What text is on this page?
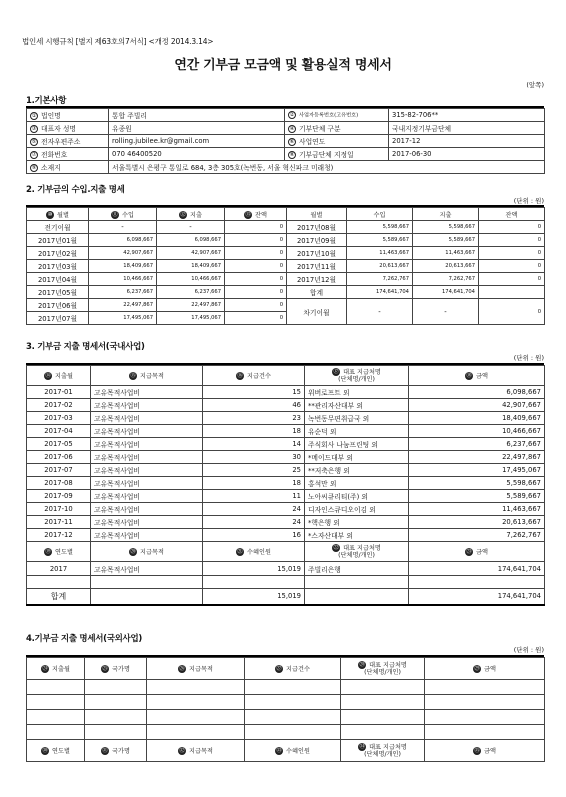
법인세 시행규칙 [별지 제63호의7서식] <개정 2014.3.14>
연간 기부금 모금액 및 활용실적 명세서
(앞쪽)
1.기본사항
① 법인명	통합 주빌리	② 사업자등록번호(고유번호)	315-82-706**
③ 대표자 성명	유종원	④ 기부단체 구분	국내지정기부금단체
⑤ 전자우편주소	rolling.jubilee.kr@gmail.com	⑥ 사업연도	2017-12
⑦ 전화번호	070 46400520	⑧ 기부금단체 지정일	2017-06-30
⑨ 소재지	서울특별시 은평구 통일로 684, 3층 305호(녹번동, 서울 혁신파크 미래청)		
2. 기부금의 수입.지출 명세
(단위 : 원)
⑩ 월별	⑪ 수입	⑫ 지출	⑬ 잔액	월별	수입	지출	잔액
전기이월	-	-	0	2017년08월	5,598,667	5,598,667	0
2017년01월	6,098,667	6,098,667	0	2017년09월	5,589,667	5,589,667	0
2017년02월	42,907,667	42,907,667	0	2017년10월	11,463,667	11,463,667	0
2017년03월	18,409,667	18,409,667	0	2017년11월	20,613,667	20,613,667	0
2017년04월	10,466,667	10,466,667	0	2017년12월	7,262,767	7,262,767	0
2017년05월	6,237,667	6,237,667	0	합계	174,641,704	174,641,704	
2017년06월	22,497,867	22,497,867	0	차기이월	-	-	0
2017년07월	17,495,067	17,495,067	0				
3. 기부금 지출 명세서(국내사업)
(단위 : 원)
⑭ 지출월	⑮ 지급목적	⑯ 지급건수	⑰ 대표 지급처명
(단체명/개인)	⑱ 금액
2017-01	고유목적사업비	15	위버로프트 외	6,098,667
2017-02	고유목적사업비	46	**관리자산대부 외	42,907,667
2017-03	고유목적사업비	23	녹번동무편취급국 외	18,409,667
2017-04	고유목적사업비	18	유순덕 외	10,466,667
2017-05	고유목적사업비	14	주식회사 나눔프린팅 외	6,237,667
2017-06	고유목적사업비	30	*메이드대부 외	22,497,867
2017-07	고유목적사업비	25	**저축은행 외	17,495,067
2017-08	고유목적사업비	18	홍석만 외	5,598,667
2017-09	고유목적사업비	11	노아씨큐리티(주) 외	5,589,667
2017-10	고유목적사업비	24	디자인스큐디오이김 외	11,463,667
2017-11	고유목적사업비	24	*핵은행 외	20,613,667
2017-12	고유목적사업비	16	*스자산대부 외	7,262,767
⑲ 연도별	⑳ 지급목적	㉑ 수혜인원	㉒ 대표 지급처명
(단체명/개인)	㉓ 금액
2017	고유목적사업비	15,019	주빌리은행	174,641,704

합계		15,019		174,641,704
4.기부금 지출 명세서(국외사업)
(단위 : 원)
㉔ 지출월	㉕ 국가명	㉖ 지급목적	㉗ 지급건수	㉘ 대표 지급처명
(단체명/개인)	㉙ 금액

㉚ 연도별	㉛ 국가명	㉜ 지급목적	㉝ 수혜인원	㉞ 대표 지급처명
(단체명/개인)	㉟ 금액
